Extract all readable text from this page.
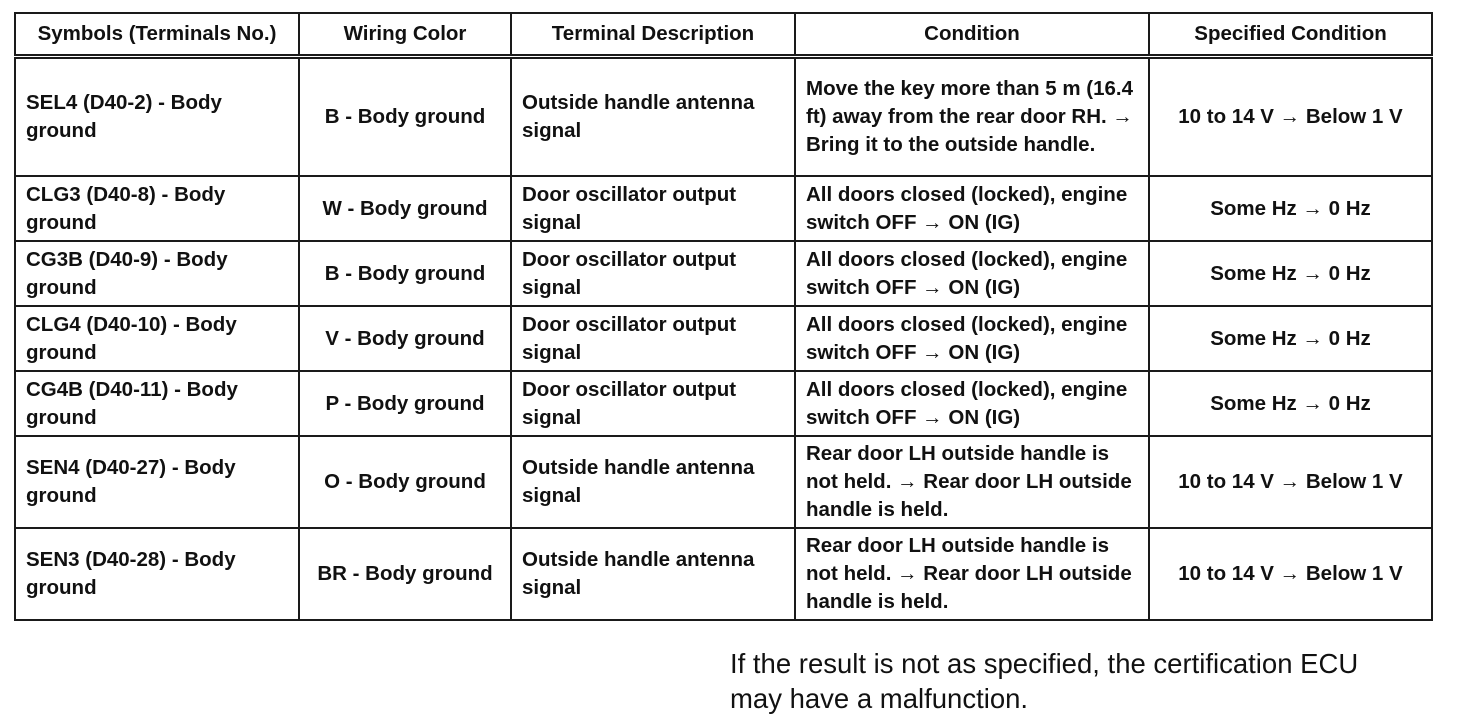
Symbols (Terminals No.)	Wiring Color	Terminal Description	Condition	Specified Condition
SEL4 (D40-2) - Body ground	B - Body ground	Outside handle antenna signal	Move the key more than 5 m (16.4 ft) away from the rear door RH. → Bring it to the outside handle.	10 to 14 V → Below 1 V
CLG3 (D40-8) - Body ground	W - Body ground	Door oscillator output signal	All doors closed (locked), engine switch OFF → ON (IG)	Some Hz → 0 Hz
CG3B (D40-9) - Body ground	B - Body ground	Door oscillator output signal	All doors closed (locked), engine switch OFF → ON (IG)	Some Hz → 0 Hz
CLG4 (D40-10) - Body ground	V - Body ground	Door oscillator output signal	All doors closed (locked), engine switch OFF → ON (IG)	Some Hz → 0 Hz
CG4B (D40-11) - Body ground	P - Body ground	Door oscillator output signal	All doors closed (locked), engine switch OFF → ON (IG)	Some Hz → 0 Hz
SEN4 (D40-27) - Body ground	O - Body ground	Outside handle antenna signal	Rear door LH outside handle is not held. → Rear door LH outside handle is held.	10 to 14 V → Below 1 V
SEN3 (D40-28) - Body ground	BR - Body ground	Outside handle antenna signal	Rear door LH outside handle is not held. → Rear door LH outside handle is held.	10 to 14 V → Below 1 V
If the result is not as specified, the certification ECU
may have a malfunction.
